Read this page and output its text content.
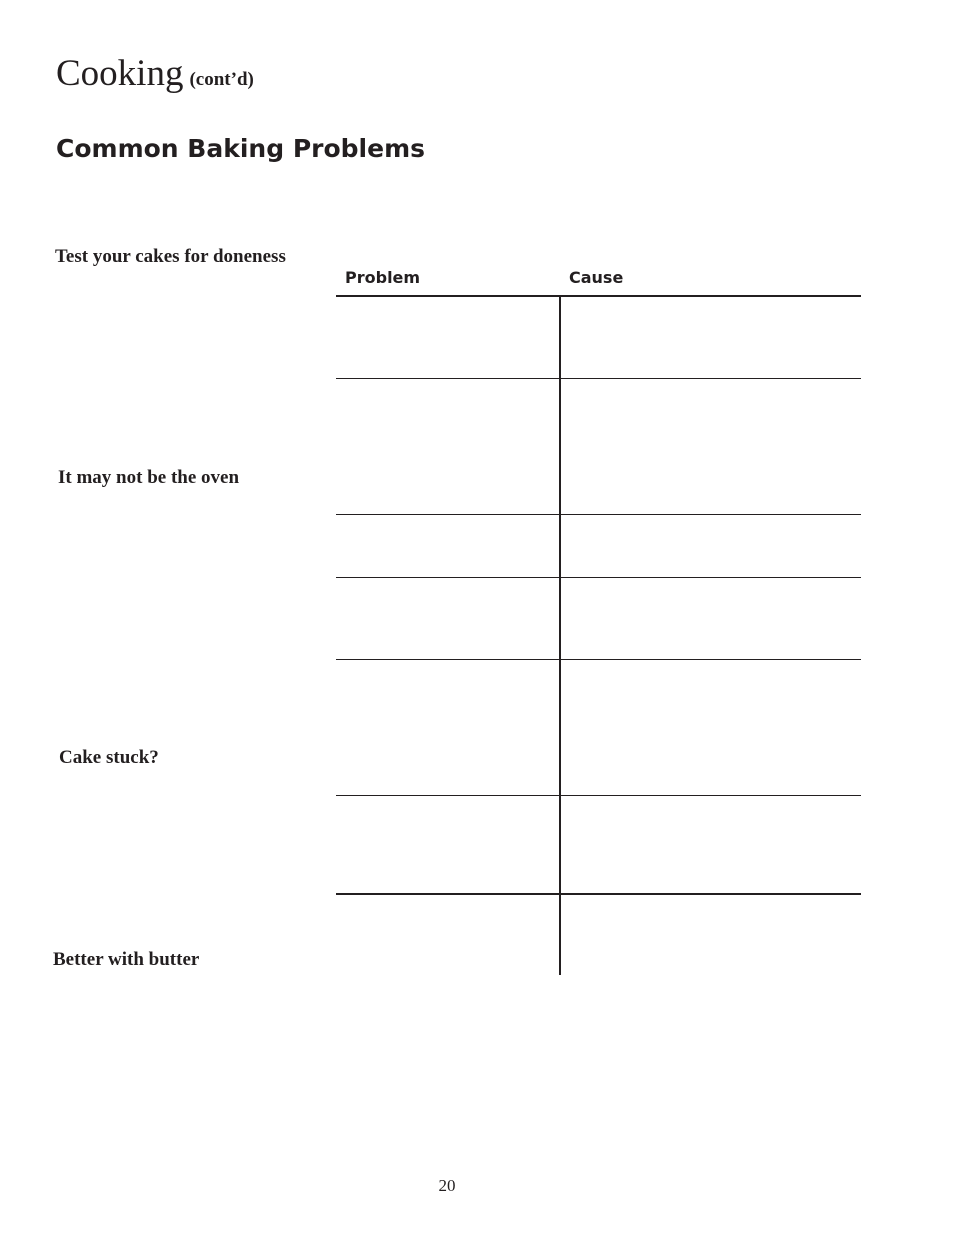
Cooking (cont’d)
Common Baking Problems
Test your cakes for doneness
It may not be the oven
Cake stuck?
Better with butter
Problem	Cause
20
